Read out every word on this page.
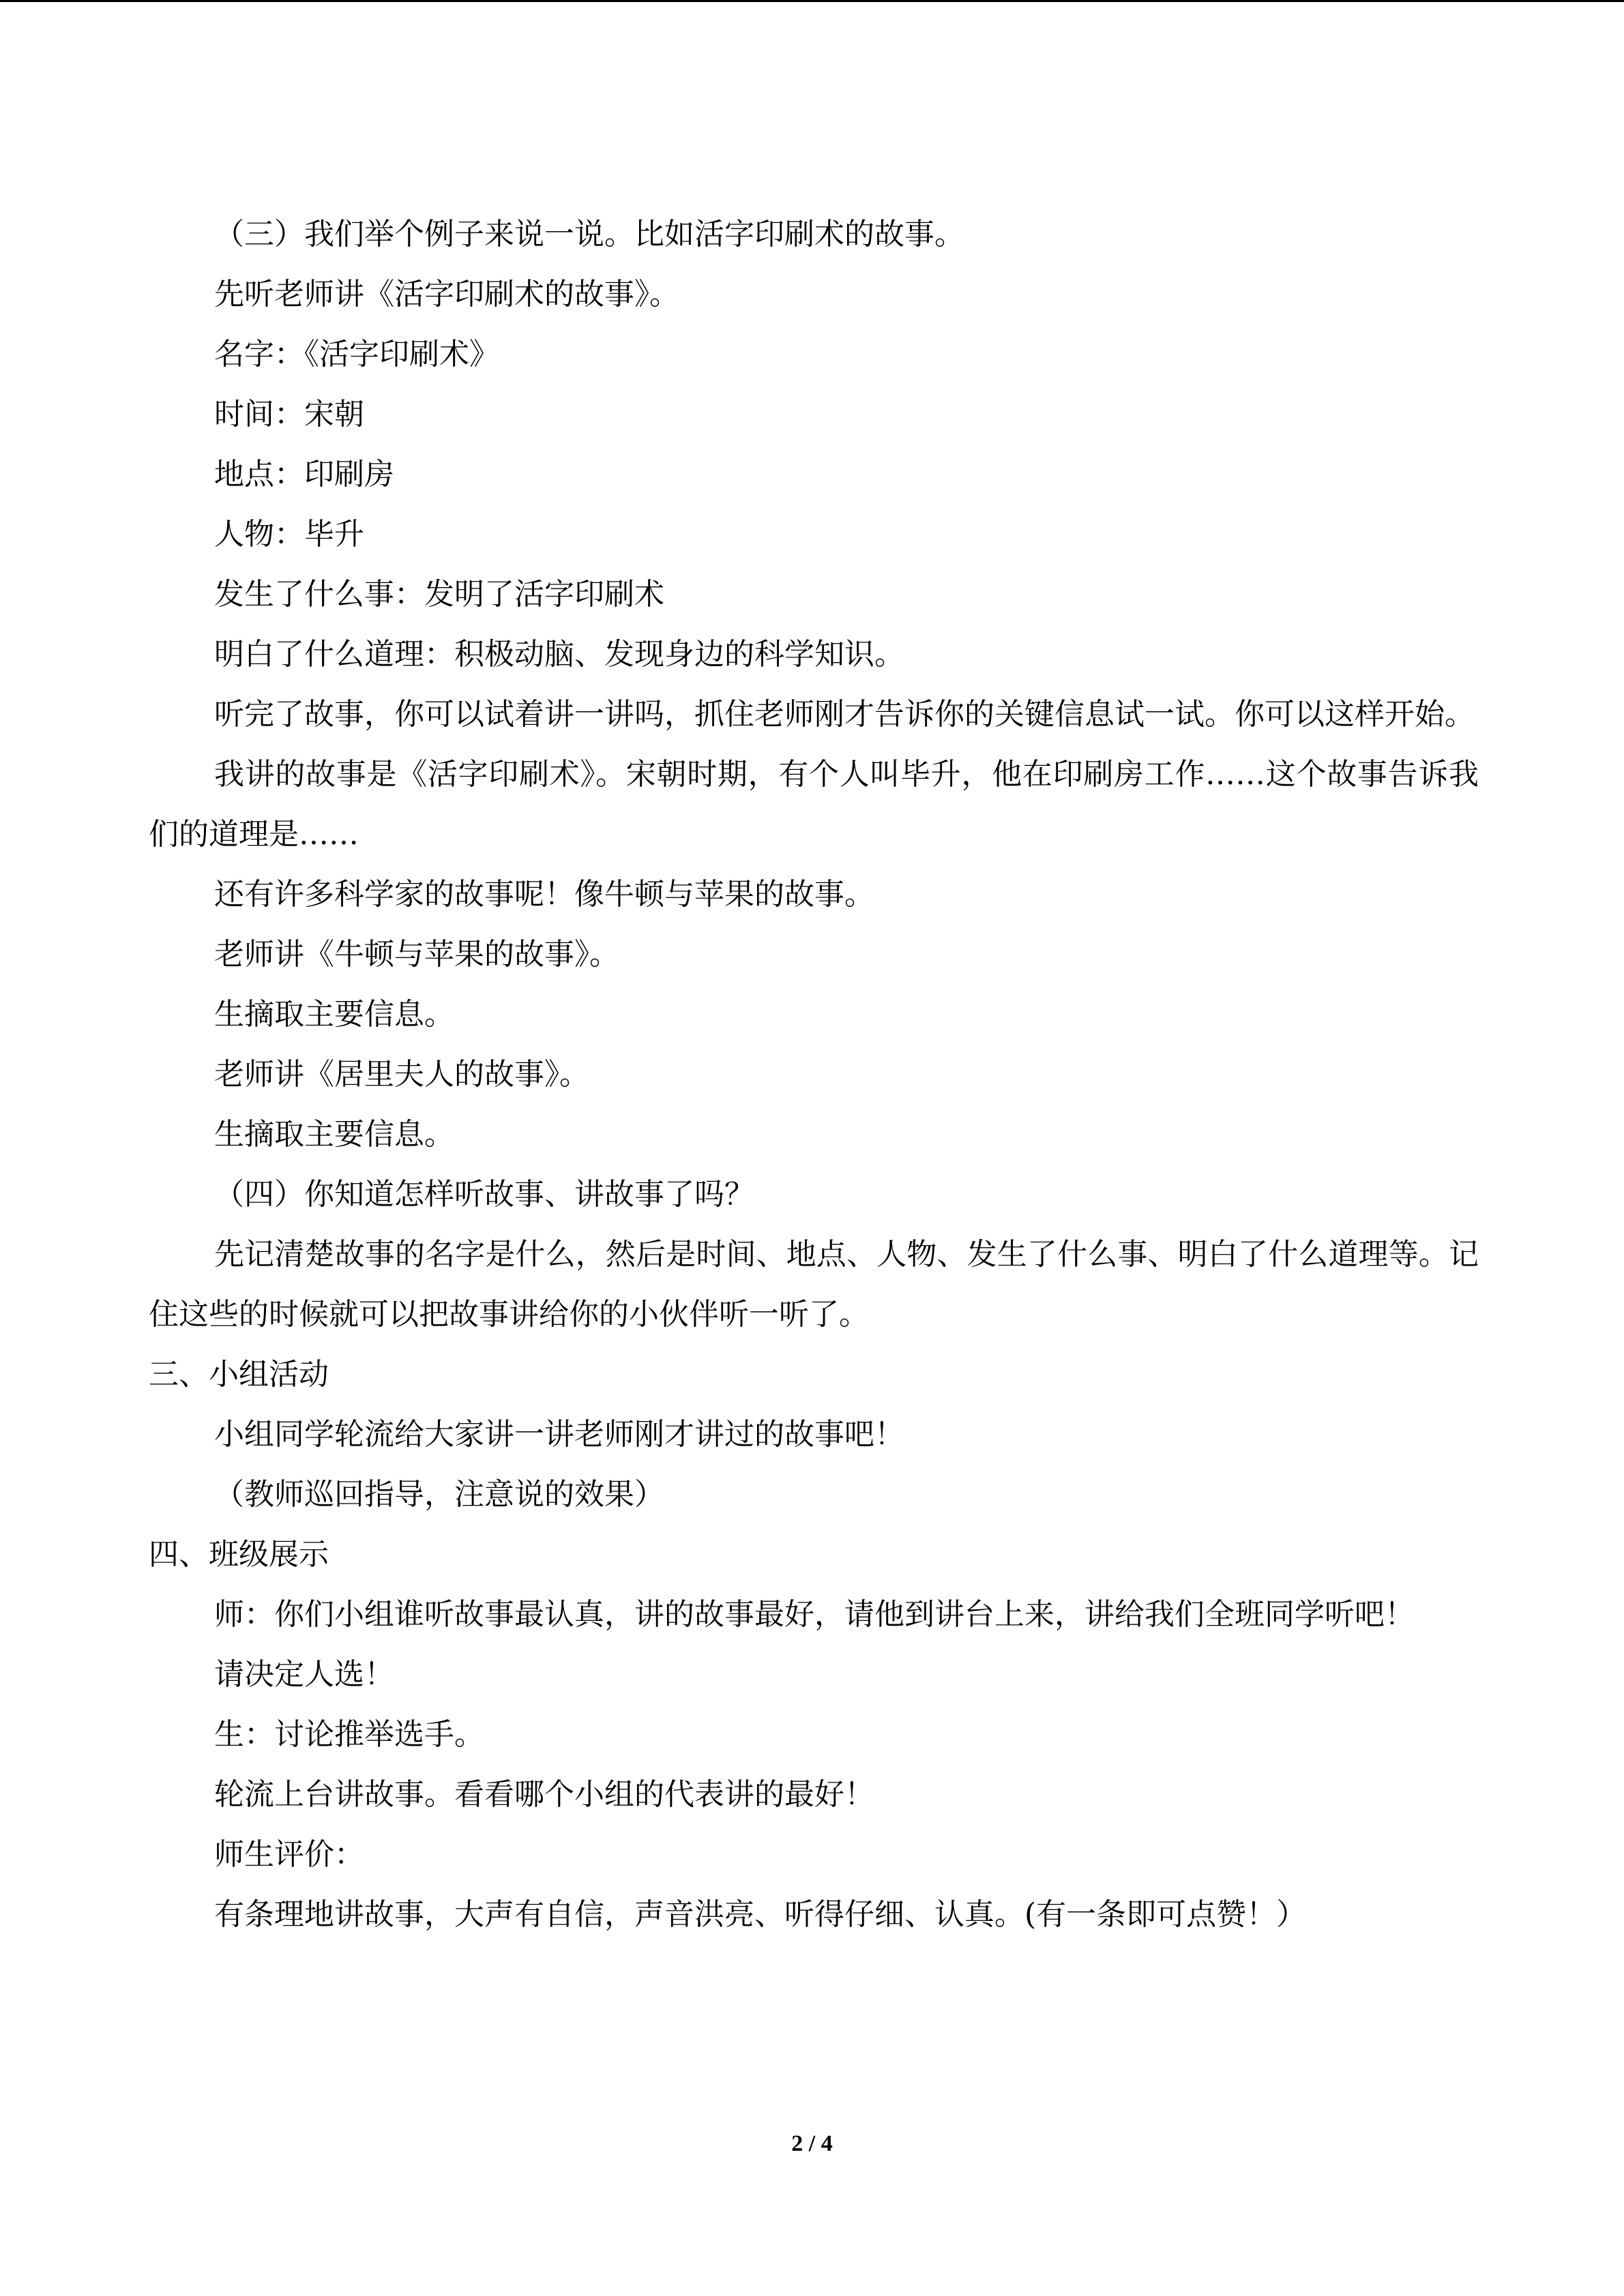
（三）我们举个例子来说一说。比如活字印刷术的故事。
先听老师讲《活字印刷术的故事》。
名字：《活字印刷术》
时间：宋朝
地点：印刷房
人物：毕升
发生了什么事：发明了活字印刷术
明白了什么道理：积极动脑、发现身边的科学知识。

听完了故事，你可以试着讲一讲吗，抓住老师刚才告诉你的关键信息试一试。你可以这样开始。

我讲的故事是《活字印刷术》。宋朝时期，有个人叫毕升，他在印刷房工作……这个故事告诉我们的道理是……

还有许多科学家的故事呢！像牛顿与苹果的故事。
老师讲《牛顿与苹果的故事》。
生摘取主要信息。
老师讲《居里夫人的故事》。
生摘取主要信息。
（四）你知道怎样听故事、讲故事了吗？

先记清楚故事的名字是什么，然后是时间、地点、人物、发生了什么事、明白了什么道理等。记住这些的时候就可以把故事讲给你的小伙伴听一听了。

三、小组活动
小组同学轮流给大家讲一讲老师刚才讲过的故事吧！
（教师巡回指导，注意说的效果）
四、班级展示

师：你们小组谁听故事最认真，讲的故事最好，请他到讲台上来，讲给我们全班同学听吧！

请决定人选！
生：讨论推举选手。
轮流上台讲故事。看看哪个小组的代表讲的最好！
师生评价：
有条理地讲故事，大声有自信，声音洪亮、听得仔细、认真。(有一条即可点赞！）
2 / 4
